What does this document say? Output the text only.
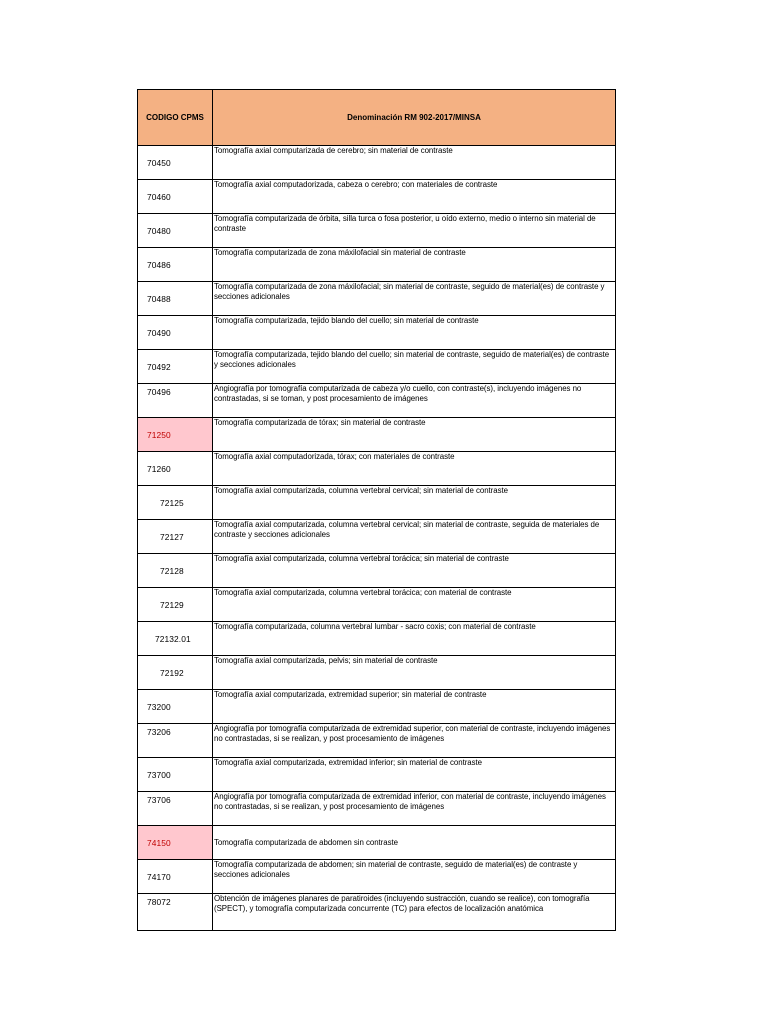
CODIGO CPMS	Denominación RM 902-2017/MINSA
70450	Tomografía axial computarizada de cerebro; sin material de contraste
70460	Tomografía axial computadorizada, cabeza o cerebro; con materiales de contraste
70480	Tomografía computarizada de órbita, silla turca o fosa posterior, u oído externo, medio o interno sin material de
contraste
70486	Tomografía computarizada de zona máxilofacial sin material de contraste
70488	Tomografía computarizada de zona máxilofacial; sin material de contraste, seguido de material(es) de contraste y secciones adicionales
70490	Tomografía computarizada, tejido blando del cuello; sin material de contraste
70492	Tomografía computarizada, tejido blando del cuello; sin material de contraste, seguido de material(es) de contraste y secciones adicionales
70496	Angiografía por tomografía computarizada de cabeza y/o cuello, con contraste(s), incluyendo imágenes no contrastadas, si se toman, y post procesamiento de imágenes
71250	Tomografía computarizada de tórax; sin material de contraste
71260	Tomografía axial computadorizada, tórax; con materiales de contraste
72125	Tomografía axial computarizada, columna vertebral cervical; sin material de contraste
72127	Tomografía axial computarizada, columna vertebral cervical; sin material de contraste, seguida de materiales de contraste y secciones adicionales
72128	Tomografía axial computarizada, columna vertebral torácica; sin material de contraste
72129	Tomografía axial computarizada, columna vertebral torácica; con material de contraste
72132.01	Tomografía computarizada, columna vertebral lumbar - sacro coxis; con material de contraste
72192	Tomografía axial computarizada, pelvis; sin material de contraste
73200	Tomografía axial computarizada, extremidad superior; sin material de contraste
73206	Angiografía por tomografía computarizada de extremidad superior, con material de contraste, incluyendo imágenes no contrastadas, si se realizan, y post procesamiento de imágenes
73700	Tomografía axial computarizada, extremidad inferior; sin material de contraste
73706	Angiografía por tomografía computarizada de extremidad inferior, con material de contraste, incluyendo imágenes no contrastadas, si se realizan, y post procesamiento de imágenes
74150	Tomografía computarizada de abdomen sin contraste
74170	Tomografía computarizada de abdomen; sin material de contraste, seguido de material(es) de contraste y secciones adicionales
78072	Obtención de imágenes planares de paratiroides (incluyendo sustracción, cuando se realice), con tomografía (SPECT), y tomografía computarizada concurrente (TC) para efectos de localización anatómica
